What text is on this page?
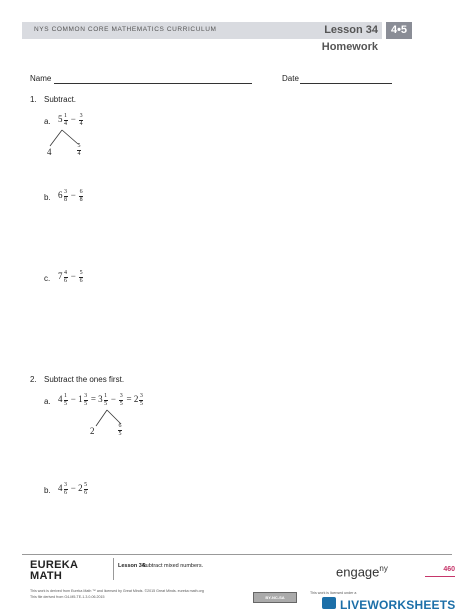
NYS COMMON CORE MATHEMATICS CURRICULUM	Lesson 34 Homework
4•5
Name	Date
1. Subtract.
a. $5 \frac{1}{4} - \frac{3}{4}$
4	$\frac{5}{4}$
b. $6 \frac{3}{8} - \frac{6}{8}$
c. $7 \frac{4}{6} - \frac{5}{6}$
2. Subtract the ones first.
a. $4 \frac{1}{5} - 1 \frac{3}{5} = 3 \frac{1}{5} - \frac{3}{5} = 2 \frac{3}{5}$
2	$\frac{6}{5}$
b. $4 \frac{3}{6} - 2 \frac{5}{6}$
EUREKA
MATH
Lesson 34:
Subtract mixed numbers.	engage$^{ny}$	460
This work is derived from Eureka Math ™ and licensed by Great Minds. ©2015 Great Minds. eureka math.org
This file derived from G4-M5-TE-1.3.0-06.2015	BY-NC-SA
This work is licensed under a
LIVEWORKSHEETS
